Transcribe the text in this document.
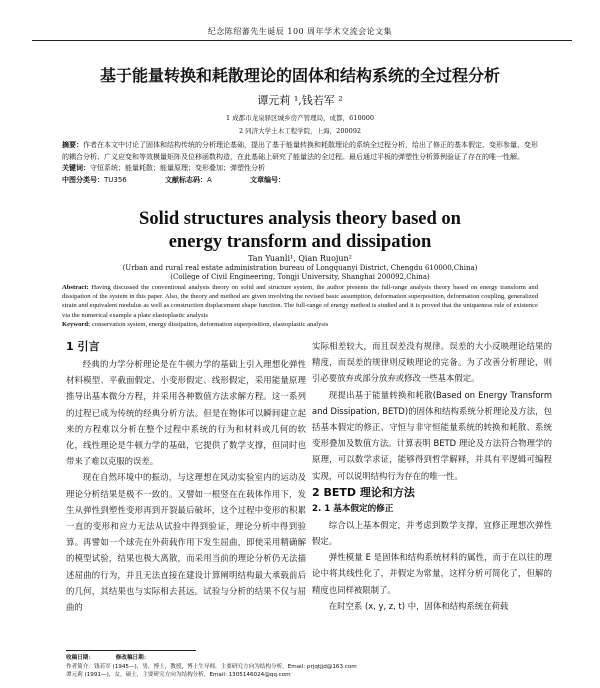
纪念陈绍蕃先生诞辰 100 周年学术交流会论文集
基于能量转换和耗散理论的固体和结构系统的全过程分析
谭元莉 ¹,钱若军 ²
1 成都市龙泉驿区城乡房产管理局，成都，610000
2 同济大学土木工程学院，上海，200092
摘要：作者在本文中讨论了固体和结构传统的分析理论基础，提出了基于能量转换和耗散理论的系统全过程分析，给出了修正的基本假定、变形参量、变形的耦合分析、广义应变和等效模量矩阵及位移函数构造，在此基础上研究了能量法的全过程。最后通过平板的弹塑性分析算例验证了存在的唯一性解。
关键词：守恒系统；能量耗散；能量原理；变形叠加；弹塑性分析
中图分类号：TU356	文献标志码：A	文章编号：
Solid structures analysis theory based on
energy transform and dissipation
Tan Yuanli¹, Qian Ruojun²
(Urban and rural real estate administration bureau of Longquanyi District, Chengdu 610000,China)
(College of Civil Engineering, Tongji University, Shanghai 200092,China)
Abstract: Having discussed the conventional analysis theory on solid and structure system, the author presents the full-range analysis theory based on energy transform and dissipation of the system in this paper. Also, the theory and method are given involving the revised basic assumption, deformation superposition, deformation coupling, generalized strain and equivalent modulus as well as construction displacement shape function. The full-range of energy method is studied and it is proved that the uniqueness rule of existence via the numerical example a plate elastoplastic analysis
Keyword: conservation system, energy dissipation, deformation superposition, elastoplastic analysis

1 引言

经典的力学分析理论是在牛顿力学的基础上引入理想化弹性材料模型、平截面假定、小变形假定、线形假定，采用能量原理推导出基本微分方程，并采用各种数值方法求解方程。这一系列的过程已成为传统的经典分析方法。但是在物体可以瞬间建立起来的方程难以分析在整个过程中系统的行为和材料或几何的软化，线性理论是牛顿力学的基础，它提供了数学支撑，但同时也带来了难以克服的误差。

现在自然环境中的振动，与这理想在风动实验室内的运动及理论分析结果是极不一致的。又譬如一根竖在在载体作用下，发生从弹性到塑性变形再到开裂最后破坏，这个过程中变形的积累一直的变形和应力无法从试验中得到验证，理论分析中得到验算。再譬如一个球壳在外荷载作用下发生屈曲，即使采用精确解的模型试验，结果也极大离散，而采用当前的理论分析仍无法描述屈曲的行为，并且无法直接在建设计算阐明结构最大承载前后的几何，其结果也与实际相去甚远。试验与分析的结果不仅与屈曲的

实际相差较大，而且误差没有规律。误差的大小反映理论结果的精度，而误差的规律则反映理论的完备。为了改善分析理论，则引必要放弃或部分放弃或修改一些基本假定。

现提出基于能量转换和耗散(Based on Energy Transform and Dissipation, BETD)的固体和结构系统分析理论及方法，包括基本假定的修正、守恒与非守恒能量系统的转换和耗散、系统变形叠加及数值方法。计算表明 BETD 理论及方法符合物理学的原理，可以数学求证，能够得到哲学解释，并具有平逻辑可编程实现，可以说明结构行为存在的唯一性。

2 BETD 理论和方法

2. 1 基本假定的修正

综合以上基本假定，并考虑到数学支撑，宜修正理想次弹性假定。

弹性模量 E 是固体和结构系统材料的属性，而于在以往的理论中将其线性化了，并假定为常量，这样分析可简化了，但解的精度也同样被限制了。

在时空系 (x, y, z, t) 中，固体和结构系统在荷载

收稿日期：	修改稿日期：
作者简介：钱若军 (1945—)，男，博士，教授，博士生导师，主要研究方向为结构分析。Email: prjqtjjd@163.com
谭元莉 (1991—)，女，硕士，主要研究方向为结构分析，Email: 1305146024@qq.com
